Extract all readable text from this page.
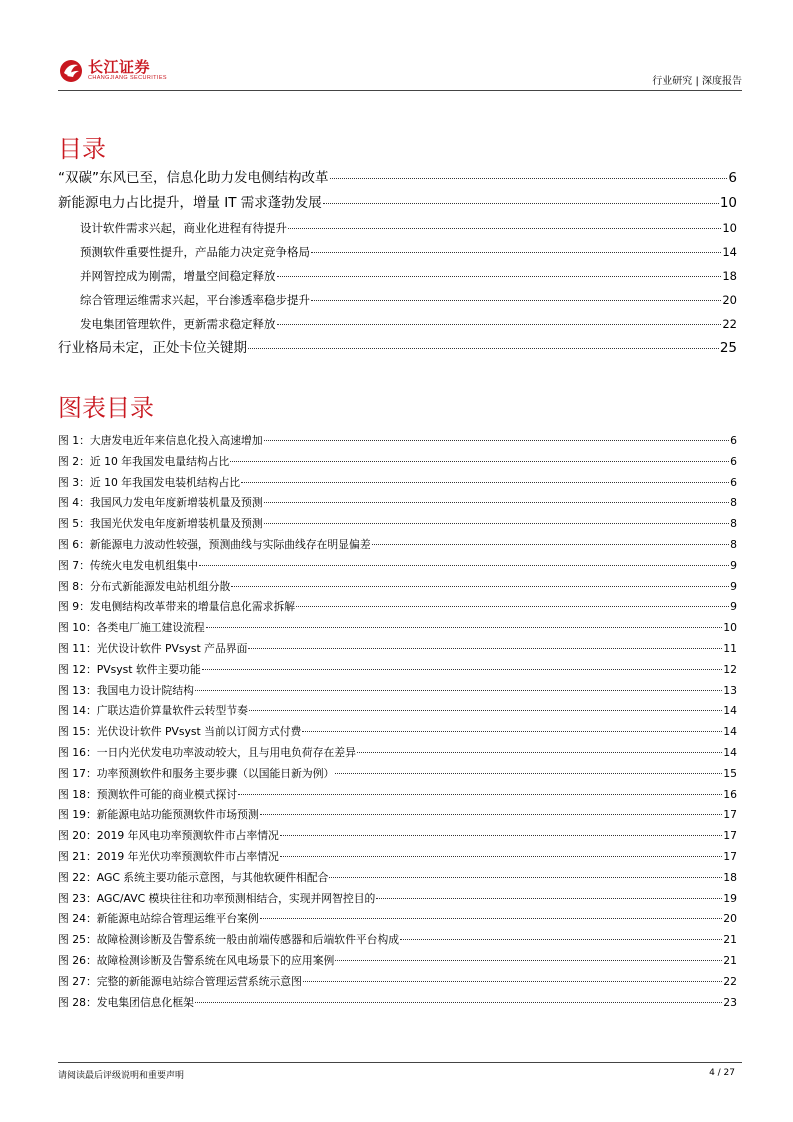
长江证券
CHANGJIANG SECURITIES	行业研究 | 深度报告
目录
“双碳”东风已至，信息化助力发电侧结构改革	6
新能源电力占比提升，增量 IT 需求蓬勃发展	10
设计软件需求兴起，商业化进程有待提升	10
预测软件重要性提升，产品能力决定竞争格局	14
并网智控成为刚需，增量空间稳定释放	18
综合管理运维需求兴起，平台渗透率稳步提升	20
发电集团管理软件，更新需求稳定释放	22
行业格局未定，正处卡位关键期	25
图表目录
图 1：大唐发电近年来信息化投入高速增加	6
图 2：近 10 年我国发电量结构占比	6
图 3：近 10 年我国发电装机结构占比	6
图 4：我国风力发电年度新增装机量及预测	8
图 5：我国光伏发电年度新增装机量及预测	8
图 6：新能源电力波动性较强，预测曲线与实际曲线存在明显偏差	8
图 7：传统火电发电机组集中	9
图 8：分布式新能源发电站机组分散	9
图 9：发电侧结构改革带来的增量信息化需求拆解	9
图 10：各类电厂施工建设流程	10
图 11：光伏设计软件 PVsyst 产品界面	11
图 12：PVsyst 软件主要功能	12
图 13：我国电力设计院结构	13
图 14：广联达造价算量软件云转型节奏	14
图 15：光伏设计软件 PVsyst 当前以订阅方式付费	14
图 16：一日内光伏发电功率波动较大，且与用电负荷存在差异	14
图 17：功率预测软件和服务主要步骤（以国能日新为例）	15
图 18：预测软件可能的商业模式探讨	16
图 19：新能源电站功能预测软件市场预测	17
图 20：2019 年风电功率预测软件市占率情况	17
图 21：2019 年光伏功率预测软件市占率情况	17
图 22：AGC 系统主要功能示意图，与其他软硬件相配合	18
图 23：AGC/AVC 模块往往和功率预测相结合，实现并网智控目的	19
图 24：新能源电站综合管理运维平台案例	20
图 25：故障检测诊断及告警系统一般由前端传感器和后端软件平台构成	21
图 26：故障检测诊断及告警系统在风电场景下的应用案例	21
图 27：完整的新能源电站综合管理运营系统示意图	22
图 28：发电集团信息化框架	23
请阅读最后评级说明和重要声明	4 / 27
